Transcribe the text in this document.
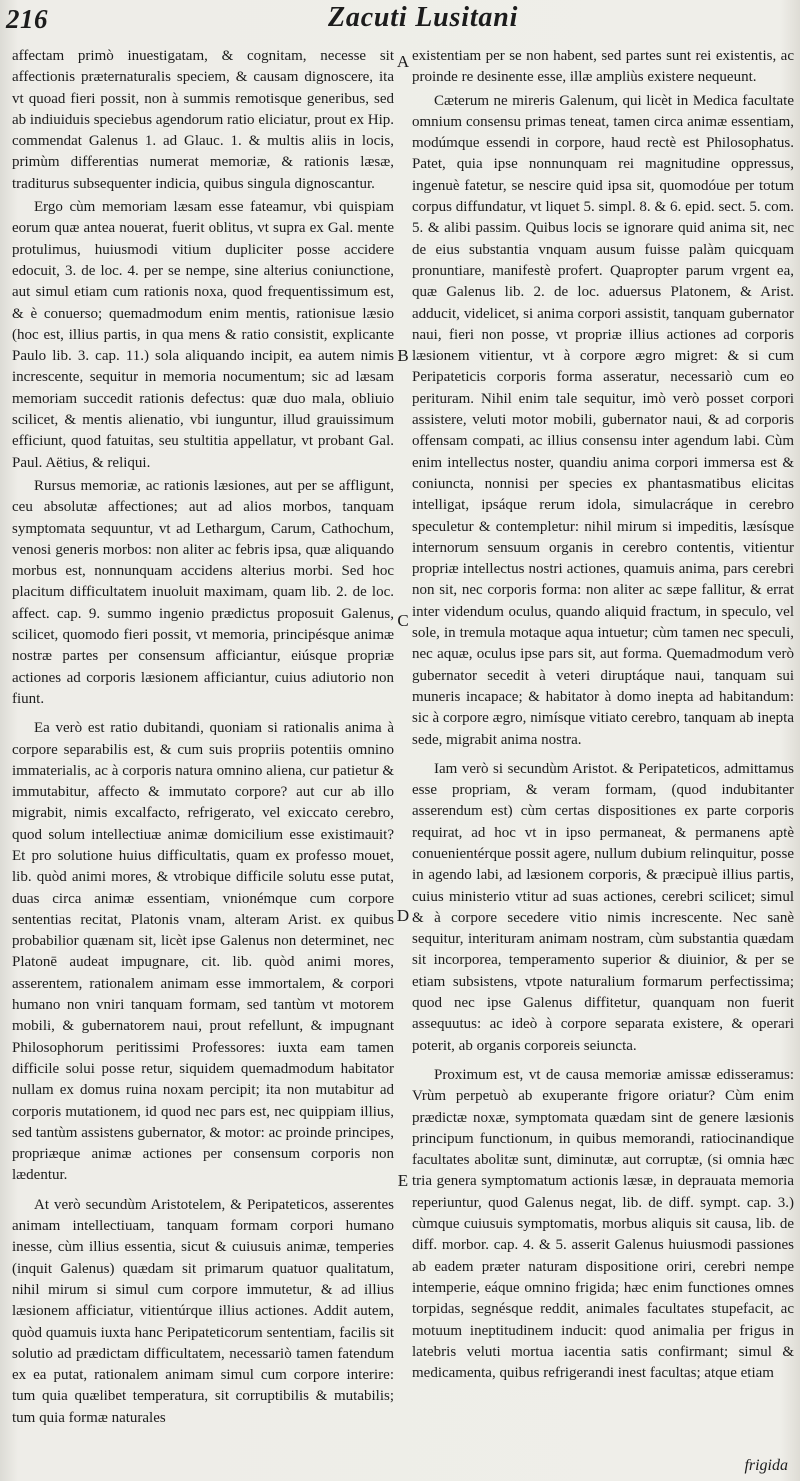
216	Zacuti Lusitani

affectam primò inuestigatam, & cognitam, necesse sit affectionis præternaturalis speciem, & causam dignoscere, ita vt quoad fieri possit, non à summis remotisque generibus, sed ab indiuiduis speciebus agendorum ratio eliciatur, prout ex Hip. commendat Galenus 1. ad Glauc. 1. & multis aliis in locis, primùm differentias numerat memoriæ, & rationis læsæ, traditurus subsequenter indicia, quibus singula dignoscantur.

Ergo cùm memoriam læsam esse fateamur, vbi quispiam eorum quæ antea nouerat, fuerit oblitus, vt supra ex Gal. mente protulimus, huiusmodi vitium dupliciter posse accidere edocuit, 3. de loc. 4. per se nempe, sine alterius coniunctione, aut simul etiam cum rationis noxa, quod frequentissimum est, & è conuerso; quemadmodum enim mentis, rationisue læsio (hoc est, illius partis, in qua mens & ratio consistit, explicante Paulo lib. 3. cap. 11.) sola aliquando incipit, ea autem nimis increscente, sequitur in memoria nocumentum; sic ad læsam memoriam succedit rationis defectus: quæ duo mala, obliuio scilicet, & mentis alienatio, vbi iunguntur, illud grauissimum efficiunt, quod fatuitas, seu stultitia appellatur, vt probant Gal. Paul. Aëtius, & reliqui.

Rursus memoriæ, ac rationis læsiones, aut per se affligunt, ceu absolutæ affectiones; aut ad alios morbos, tanquam symptomata sequuntur, vt ad Lethargum, Carum, Cathochum, venosi generis morbos: non aliter ac febris ipsa, quæ aliquando morbus est, nonnunquam accidens alterius morbi. Sed hoc placitum difficultatem inuoluit maximam, quam lib. 2. de loc. affect. cap. 9. summo ingenio prædictus proposuit Galenus, scilicet, quomodo fieri possit, vt memoria, principésque animæ nostræ partes per consensum afficiantur, eiúsque propriæ actiones ad corporis læsionem afficiantur, cuius adiutorio non fiunt.

Ea verò est ratio dubitandi, quoniam si rationalis anima à corpore separabilis est, & cum suis propriis potentiis omnino immaterialis, ac à corporis natura omnino aliena, cur patietur & immutabitur, affecto & immutato corpore? aut cur ab illo migrabit, nimis excalfacto, refrigerato, vel exiccato cerebro, quod solum intellectiuæ animæ domicilium esse existimauit? Et pro solutione huius difficultatis, quam ex professo mouet, lib. quòd animi mores, & vtrobique difficile solutu esse putat, duas circa animæ essentiam, vnionémque cum corpore sententias recitat, Platonis vnam, alteram Arist. ex quibus probabilior quænam sit, licèt ipse Galenus non determinet, nec Platonē audeat impugnare, cit. lib. quòd animi mores, asserentem, rationalem animam esse immortalem, & corpori humano non vniri tanquam formam, sed tantùm vt motorem mobili, & gubernatorem naui, prout refellunt, & impugnant Philosophorum peritissimi Professores: iuxta eam tamen difficile solui posse retur, siquidem quemadmodum habitator nullam ex domus ruina noxam percipit; ita non mutabitur ad corporis mutationem, id quod nec pars est, nec quippiam illius, sed tantùm assistens gubernator, & motor: ac proinde principes, propriæque animæ actiones per consensum corporis non lædentur.

At verò secundùm Aristotelem, & Peripateticos, asserentes animam intellectiuam, tanquam formam corpori humano inesse, cùm illius essentia, sicut & cuiusuis animæ, temperies (inquit Galenus) quædam sit primarum quatuor qualitatum, nihil mirum si simul cum corpore immutetur, & ad illius læsionem afficiatur, vitientúrque illius actiones. Addit autem, quòd quamuis iuxta hanc Peripateticorum sententiam, facilis sit solutio ad prædictam difficultatem, necessariò tamen fatendum ex ea putat, rationalem animam simul cum corpore interire: tum quia quælibet temperatura, sit corruptibilis & mutabilis; tum quia formæ naturales

A
B
C
D
E

existentiam per se non habent, sed partes sunt rei existentis, ac proinde re desinente esse, illæ ampliùs existere nequeunt.

Cæterum ne mireris Galenum, qui licèt in Medica facultate omnium consensu primas teneat, tamen circa animæ essentiam, modúmque essendi in corpore, haud rectè est Philosophatus. Patet, quia ipse nonnunquam rei magnitudine oppressus, ingenuè fatetur, se nescire quid ipsa sit, quomodóue per totum corpus diffundatur, vt liquet 5. simpl. 8. & 6. epid. sect. 5. com. 5. & alibi passim. Quibus locis se ignorare quid anima sit, nec de eius substantia vnquam ausum fuisse palàm quicquam pronuntiare, manifestè profert. Quapropter parum vrgent ea, quæ Galenus lib. 2. de loc. aduersus Platonem, & Arist. adducit, videlicet, si anima corpori assistit, tanquam gubernator naui, fieri non posse, vt propriæ illius actiones ad corporis læsionem vitientur, vt à corpore ægro migret: & si cum Peripateticis corporis forma asseratur, necessariò cum eo perituram. Nihil enim tale sequitur, imò verò posset corpori assistere, veluti motor mobili, gubernator naui, & ad corporis offensam compati, ac illius consensu inter agendum labi. Cùm enim intellectus noster, quandiu anima corpori immersa est & coniuncta, nonnisi per species ex phantasmatibus elicitas intelligat, ipsáque rerum idola, simulacráque in cerebro speculetur & contempletur: nihil mirum si impeditis, læsísque internorum sensuum organis in cerebro contentis, vitientur propriæ intellectus nostri actiones, quamuis anima, pars cerebri non sit, nec corporis forma: non aliter ac sæpe fallitur, & errat inter videndum oculus, quando aliquid fractum, in speculo, vel sole, in tremula motaque aqua intuetur; cùm tamen nec speculi, nec aquæ, oculus ipse pars sit, aut forma. Quemadmodum verò gubernator secedit à veteri diruptáque naui, tanquam sui muneris incapace; & habitator à domo inepta ad habitandum: sic à corpore ægro, nimísque vitiato cerebro, tanquam ab inepta sede, migrabit anima nostra.

Iam verò si secundùm Aristot. & Peripateticos, admittamus esse propriam, & veram formam, (quod indubitanter asserendum est) cùm certas dispositiones ex parte corporis requirat, ad hoc vt in ipso permaneat, & permanens aptè conuenientérque possit agere, nullum dubium relinquitur, posse in agendo labi, ad læsionem corporis, & præcipuè illius partis, cuius ministerio vtitur ad suas actiones, cerebri scilicet; simul & à corpore secedere vitio nimis increscente. Nec sanè sequitur, interituram animam nostram, cùm substantia quædam sit incorporea, temperamento superior & diuinior, & per se etiam subsistens, vtpote naturalium formarum perfectissima; quod nec ipse Galenus diffitetur, quanquam non fuerit assequutus: ac ideò à corpore separata existere, & operari poterit, ab organis corporeis seiuncta.

Proximum est, vt de causa memoriæ amissæ edisseramus: Vrùm perpetuò ab exuperante frigore oriatur? Cùm enim prædictæ noxæ, symptomata quædam sint de genere læsionis principum functionum, in quibus memorandi, ratiocinandique facultates abolitæ sunt, diminutæ, aut corruptæ, (si omnia hæc tria genera symptomatum actionis læsæ, in deprauata memoria reperiuntur, quod Galenus negat, lib. de diff. sympt. cap. 3.) cùmque cuiusuis symptomatis, morbus aliquis sit causa, lib. de diff. morbor. cap. 4. & 5. asserit Galenus huiusmodi passiones ab eadem præter naturam dispositione oriri, cerebri nempe intemperie, eáque omnino frigida; hæc enim functiones omnes torpidas, segnésque reddit, animales facultates stupefacit, ac motuum ineptitudinem inducit: quod animalia per frigus in latebris veluti mortua iacentia satis confirmant; simul & medicamenta, quibus refrigerandi inest facultas; atque etiam

frigida
